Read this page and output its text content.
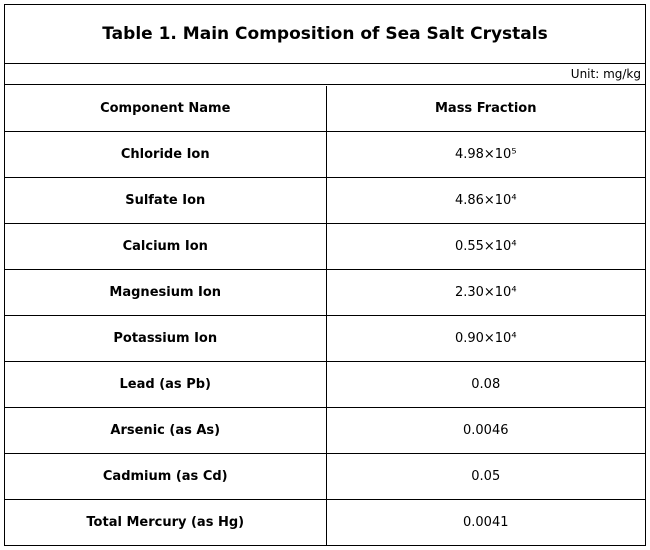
Table 1. Main Composition of Sea Salt Crystals
Unit: mg/kg
Component Name	Mass Fraction
Chloride Ion	4.98×10⁵
Sulfate Ion	4.86×10⁴
Calcium Ion	0.55×10⁴
Magnesium Ion	2.30×10⁴
Potassium Ion	0.90×10⁴
Lead (as Pb)	0.08
Arsenic (as As)	0.0046
Cadmium (as Cd)	0.05
Total Mercury (as Hg)	0.0041
